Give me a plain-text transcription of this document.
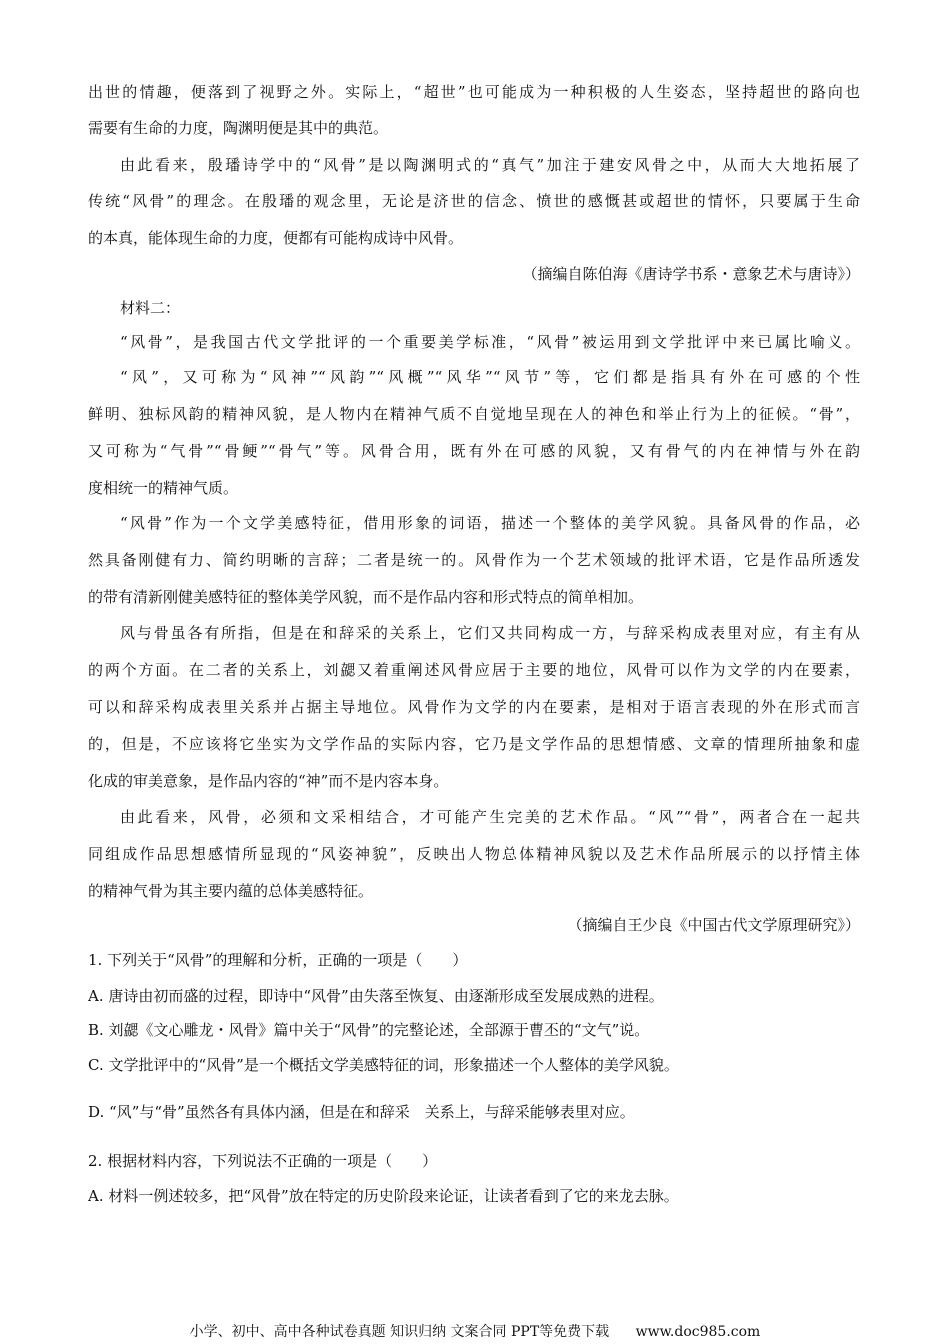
出世的情趣，便落到了视野之外。实际上，“超世”也可能成为一种积极的人生姿态，坚持超世的路向也
需要有生命的力度，陶渊明便是其中的典范。
由此看来，殷璠诗学中的“风骨”是以陶渊明式的“真气”加注于建安风骨之中，从而大大地拓展了
传统“风骨”的理念。在殷璠的观念里，无论是济世的信念、愤世的感慨甚或超世的情怀，只要属于生命
的本真，能体现生命的力度，便都有可能构成诗中风骨。
（摘编自陈伯海《唐诗学书系・意象艺术与唐诗》）
材料二：
“风骨”，是我国古代文学批评的一个重要美学标准，“风骨”被运用到文学批评中来已属比喻义。
“风”，又可称为“风神”“风韵”“风概”“风华”“风节”等，它们都是指具有外在可感的个性
鲜明、独标风韵的精神风貌，是人物内在精神气质不自觉地呈现在人的神色和举止行为上的征候。“骨”，
又可称为“气骨”“骨鲠”“骨气”等。风骨合用，既有外在可感的风貌，又有骨气的内在神情与外在韵
度相统一的精神气质。
“风骨”作为一个文学美感特征，借用形象的词语，描述一个整体的美学风貌。具备风骨的作品，必
然具备刚健有力、简约明晰的言辞；二者是统一的。风骨作为一个艺术领域的批评术语，它是作品所透发
的带有清新刚健美感特征的整体美学风貌，而不是作品内容和形式特点的简单相加。
风与骨虽各有所指，但是在和辞采的关系上，它们又共同构成一方，与辞采构成表里对应，有主有从
的两个方面。在二者的关系上，刘勰又着重阐述风骨应居于主要的地位，风骨可以作为文学的内在要素，
可以和辞采构成表里关系并占据主导地位。风骨作为文学的内在要素，是相对于语言表现的外在形式而言
的，但是，不应该将它坐实为文学作品的实际内容，它乃是文学作品的思想情感、文章的情理所抽象和虚
化成的审美意象，是作品内容的“神”而不是内容本身。
由此看来，风骨，必须和文采相结合，才可能产生完美的艺术作品。“风”“骨”，两者合在一起共
同组成作品思想感情所显现的“风姿神貌”，反映出人物总体精神风貌以及艺术作品所展示的以抒情主体
的精神气骨为其主要内蕴的总体美感特征。
（摘编自王少良《中国古代文学原理研究》）
1. 下列关于“风骨”的理解和分析，正确的一项是（　　）
A. 唐诗由初而盛的过程，即诗中“风骨”由失落至恢复、由逐渐形成至发展成熟的进程。
B. 刘勰《文心雕龙・风骨》篇中关于“风骨”的完整论述，全部源于曹丕的“文气”说。
C. 文学批评中的“风骨”是一个概括文学美感特征的词，形象描述一个人整体的美学风貌。
D. “风”与“骨”虽然各有具体内涵，但是在和辞采　关系上，与辞采能够表里对应。
2. 根据材料内容，下列说法不正确的一项是（　　）
A. 材料一例述较多，把“风骨”放在特定的历史阶段来论证，让读者看到了它的来龙去脉。
小学、初中、高中各种试卷真题 知识归纳 文案合同 PPT等免费下载 www.doc985.com
